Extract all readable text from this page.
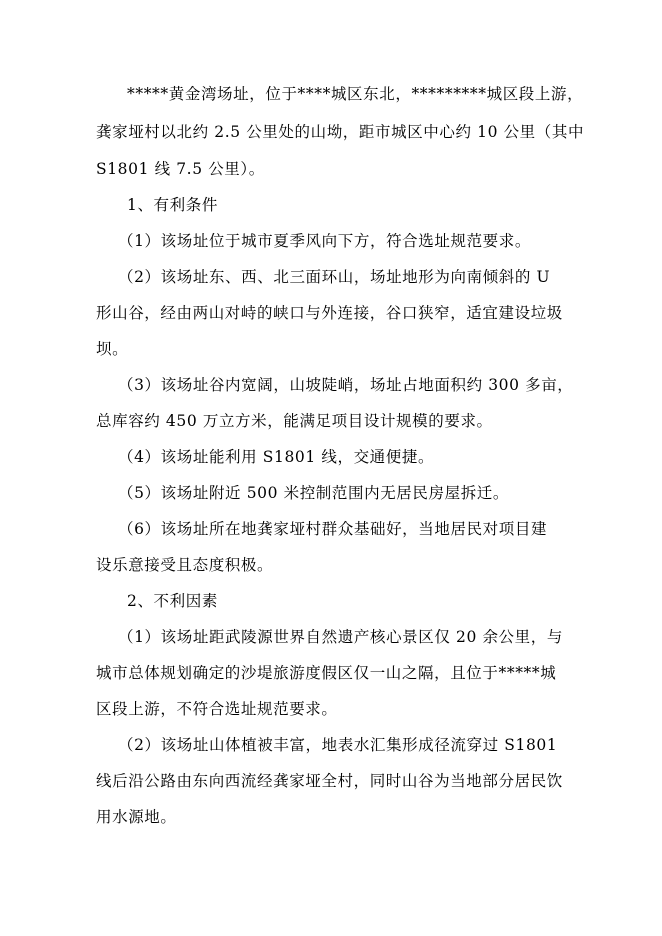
*****黄金湾场址，位于****城区东北，*********城区段上游，
龚家垭村以北约 2.5 公里处的山坳，距市城区中心约 10 公里（其中
S1801 线 7.5 公里）。
1、有利条件
（1）该场址位于城市夏季风向下方，符合选址规范要求。
（2）该场址东、西、北三面环山，场址地形为向南倾斜的 U
形山谷，经由两山对峙的峡口与外连接，谷口狭窄，适宜建设垃圾
坝。
（3）该场址谷内宽阔，山坡陡峭，场址占地面积约 300 多亩，
总库容约 450 万立方米，能满足项目设计规模的要求。
（4）该场址能利用 S1801 线，交通便捷。
（5）该场址附近 500 米控制范围内无居民房屋拆迁。
（6）该场址所在地龚家垭村群众基础好，当地居民对项目建
设乐意接受且态度积极。
2、不利因素
（1）该场址距武陵源世界自然遗产核心景区仅 20 余公里，与
城市总体规划确定的沙堤旅游度假区仅一山之隔，且位于*****城
区段上游，不符合选址规范要求。
（2）该场址山体植被丰富，地表水汇集形成径流穿过 S1801
线后沿公路由东向西流经龚家垭全村，同时山谷为当地部分居民饮
用水源地。
